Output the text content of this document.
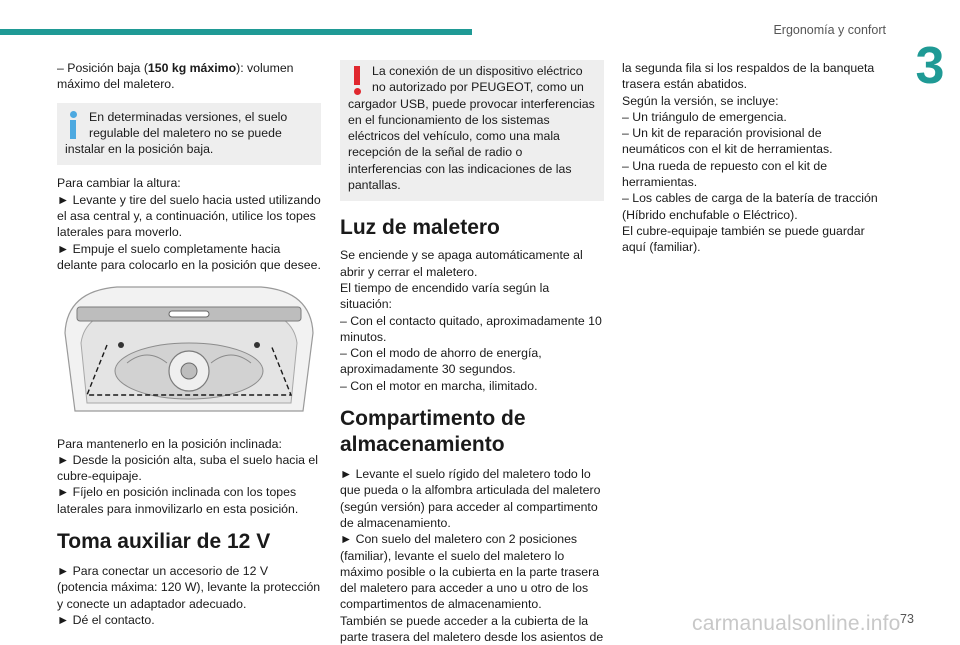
Ergonomía y confort
3

– Posición baja (150 kg máximo): volumen máximo del maletero.

En determinadas versiones, el suelo
regulable del maletero no se puede
instalar en la posición baja.

Para cambiar la altura:

► Levante y tire del suelo hacia usted utilizando el asa central y, a continuación, utilice los topes laterales para moverlo.

► Empuje el suelo completamente hacia delante para colocarlo en la posición que desee.

Para mantenerlo en la posición inclinada:

► Desde la posición alta, suba el suelo hacia el cubre-equipaje.

► Fíjelo en posición inclinada con los topes laterales para inmovilizarlo en esta posición.

Toma auxiliar de 12 V

► Para conectar un accesorio de 12 V (potencia máxima: 120 W), levante la protección y conecte un adaptador adecuado.

► Dé el contacto.

La conexión de un dispositivo eléctrico
no autorizado por PEUGEOT, como un
cargador USB, puede provocar interferencias en el funcionamiento de los sistemas eléctricos del vehículo, como una mala recepción de la señal de radio o interferencias con las indicaciones de las pantallas.
Luz de maletero

Se enciende y se apaga automáticamente al abrir y cerrar el maletero.

El tiempo de encendido varía según la situación:

– Con el contacto quitado, aproximadamente 10 minutos.

– Con el modo de ahorro de energía, aproximadamente 30 segundos.

– Con el motor en marcha, ilimitado.

Compartimento de
almacenamiento

► Levante el suelo rígido del maletero todo lo que pueda o la alfombra articulada del maletero (según versión) para acceder al compartimento de almacenamiento.

► Con suelo del maletero con 2 posiciones (familiar), levante el suelo del maletero lo máximo posible o la cubierta en la parte trasera del maletero para acceder a uno u otro de los compartimentos de almacenamiento.

También se puede acceder a la cubierta de la parte trasera del maletero desde los asientos de

la segunda fila si los respaldos de la banqueta trasera están abatidos.

Según la versión, se incluye:

– Un triángulo de emergencia.

– Un kit de reparación provisional de neumáticos con el kit de herramientas.

– Una rueda de repuesto con el kit de herramientas.

– Los cables de carga de la batería de tracción (Híbrido enchufable o Eléctrico).

El cubre-equipaje también se puede guardar aquí (familiar).

carmanualsonline.info 73
